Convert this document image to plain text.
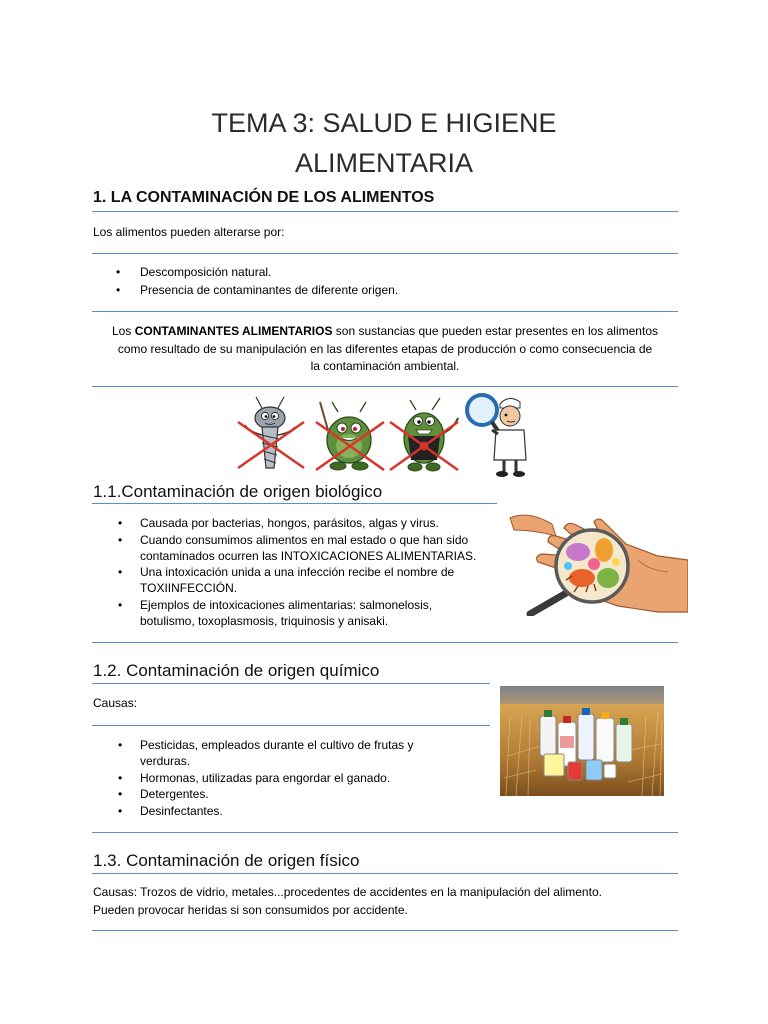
TEMA 3: SALUD E HIGIENE
ALIMENTARIA
1. LA CONTAMINACIÓN DE LOS ALIMENTOS
Los alimentos pueden alterarse por:
• Descomposición natural.
• Presencia de contaminantes de diferente origen.
Los CONTAMINANTES ALIMENTARIOS son sustancias que pueden estar presentes en los alimentos
como resultado de su manipulación en las diferentes etapas de producción o como consecuencia de
la contaminación ambiental.
1.1.Contaminación de origen biológico
• Causada por bacterias, hongos, parásitos, algas y virus.
• Cuando consumimos alimentos en mal estado o que han sido
contaminados ocurren las INTOXICACIONES ALIMENTARIAS.
• Una intoxicación unida a una infección recibe el nombre de
TOXIINFECCIÓN.
• Ejemplos de intoxicaciones alimentarias: salmonelosis,
botulismo, toxoplasmosis, triquinosis y anisaki.
1.2. Contaminación de origen químico
Causas:
• Pesticidas, empleados durante el cultivo de frutas y
verduras.
• Hormonas, utilizadas para engordar el ganado.
• Detergentes.
• Desinfectantes.
1.3. Contaminación de origen físico
Causas: Trozos de vidrio, metales...procedentes de accidentes en la manipulación del alimento.
Pueden provocar heridas si son consumidos por accidente.
